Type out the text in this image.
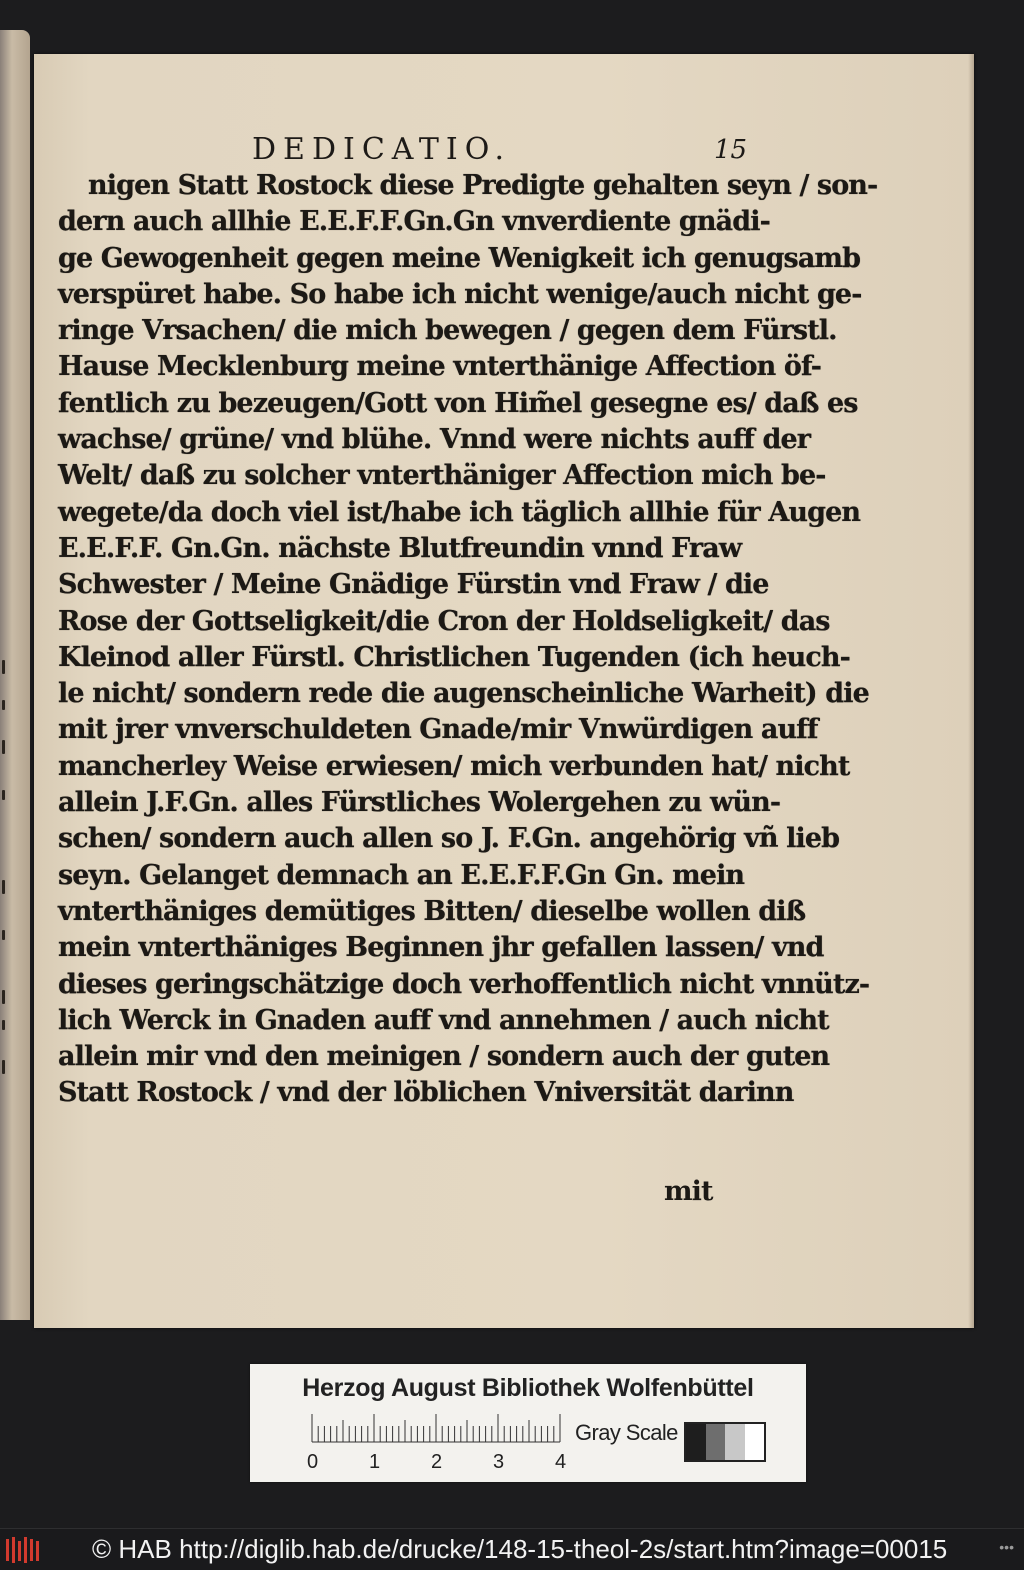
DEDICATIO.	15
nigen Statt Rostock diese Predigte gehalten seyn / son-
dern auch allhie E.E.F.F.Gn.Gn vnverdiente gnädi-
ge Gewogenheit gegen meine Wenigkeit ich genugsamb
verspüret habe. So habe ich nicht wenige/auch nicht ge-
ringe Vrsachen/ die mich bewegen / gegen dem Fürstl.
Hause Mecklenburg meine vnterthänige Affection öf-
fentlich zu bezeugen/Gott von Him̃el gesegne es/ daß es
wachse/ grüne/ vnd blühe. Vnnd were nichts auff der
Welt/ daß zu solcher vnterthäniger Affection mich be-
wegete/da doch viel ist/habe ich täglich allhie für Augen
E.E.F.F. Gn.Gn. nächste Blutfreundin vnnd Fraw
Schwester / Meine Gnädige Fürstin vnd Fraw / die
Rose der Gottseligkeit/die Cron der Holdseligkeit/ das
Kleinod aller Fürstl. Christlichen Tugenden (ich heuch-
le nicht/ sondern rede die augenscheinliche Warheit) die
mit jrer vnverschuldeten Gnade/mir Vnwürdigen auff
mancherley Weise erwiesen/ mich verbunden hat/ nicht
allein J.F.Gn. alles Fürstliches Wolergehen zu wün-
schen/ sondern auch allen so J. F.Gn. angehörig vñ lieb
seyn. Gelanget demnach an E.E.F.F.Gn Gn. mein
vnterthäniges demütiges Bitten/ dieselbe wollen diß
mein vnterthäniges Beginnen jhr gefallen lassen/ vnd
dieses geringschätzige doch verhoffentlich nicht vnnütz-
lich Werck in Gnaden auff vnd annehmen / auch nicht
allein mir vnd den meinigen / sondern auch der guten
Statt Rostock / vnd der löblichen Vniversität darinn
mit
Herzog August Bibliothek Wolfenbüttel
0	1	2	3	4
Gray Scale
© HAB http://diglib.hab.de/drucke/148-15-theol-2s/start.htm?image=00015	•••
